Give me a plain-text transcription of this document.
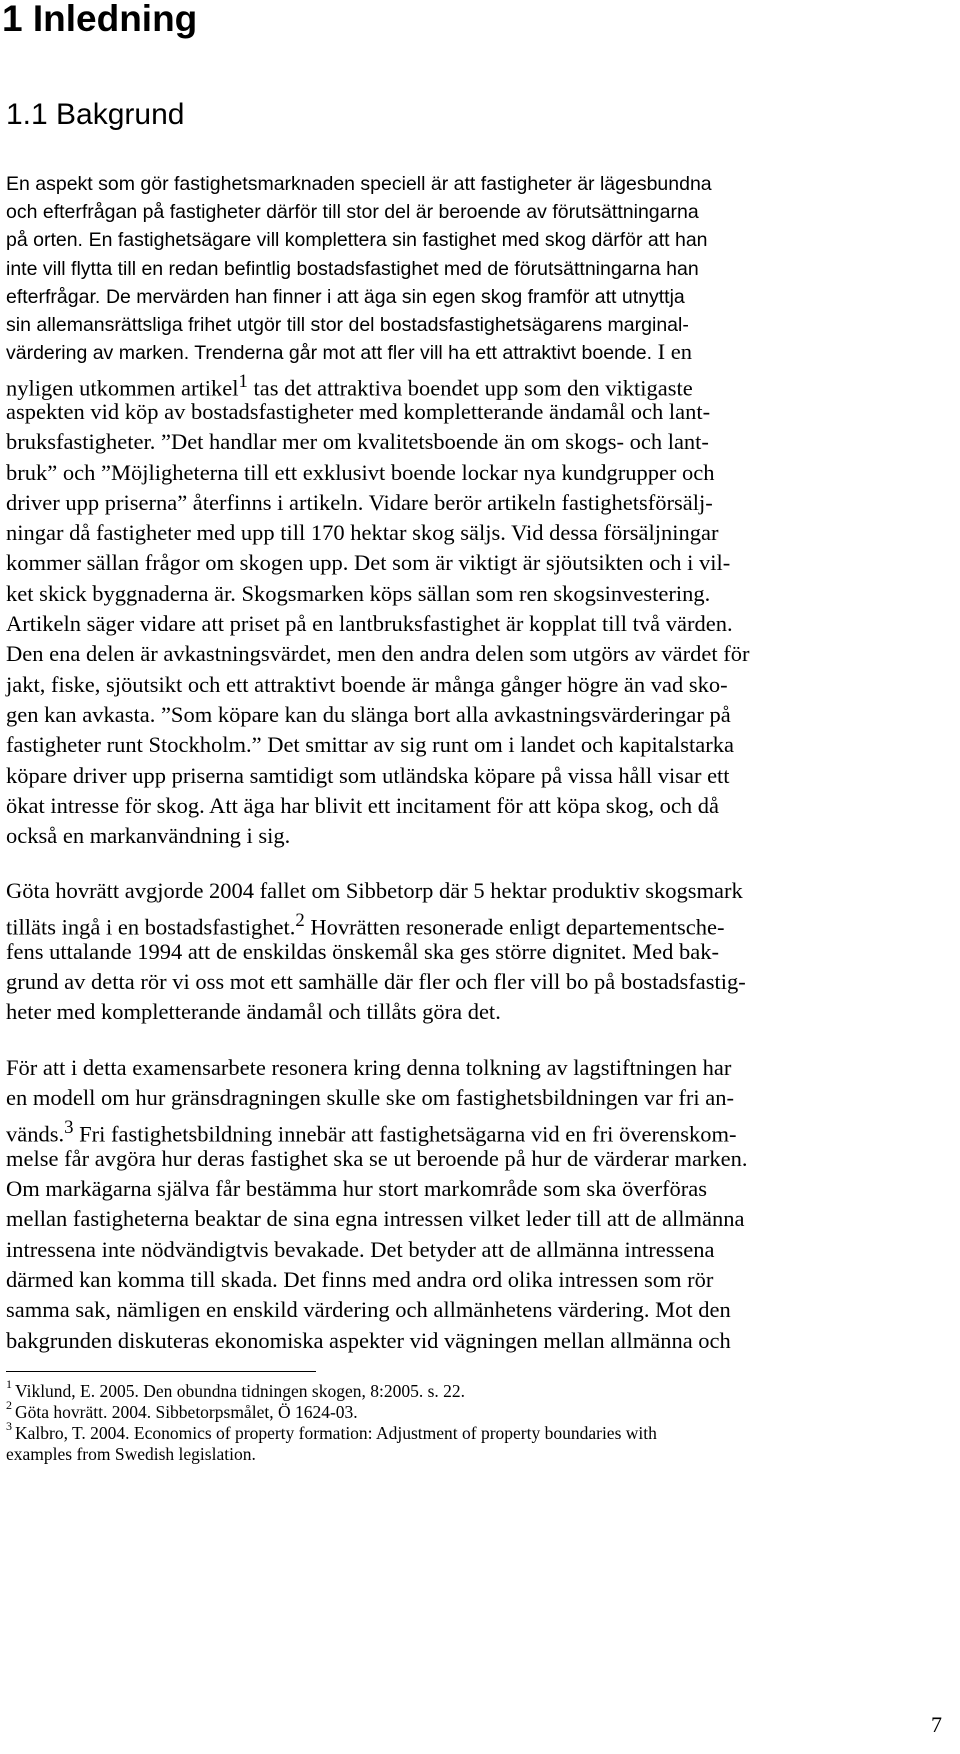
1 Inledning
1.1 Bakgrund

En aspekt som gör fastighetsmarknaden speciell är att fastigheter är lägesbundna

och efterfrågan på fastigheter därför till stor del är beroende av förutsättningarna

på orten. En fastighetsägare vill komplettera sin fastighet med skog därför att han

inte vill flytta till en redan befintlig bostadsfastighet med de förutsättningarna han

efterfrågar. De mervärden han finner i att äga sin egen skog framför att utnyttja

sin allemansrättsliga frihet utgör till stor del bostadsfastighetsägarens marginal-

värdering av marken. Trenderna går mot att fler vill ha ett attraktivt boende. I en

nyligen utkommen artikel$^1$ tas det attraktiva boendet upp som den viktigaste

aspekten vid köp av bostadsfastigheter med kompletterande ändamål och lant-

bruksfastigheter. ”Det handlar mer om kvalitetsboende än om skogs- och lant-

bruk” och ”Möjligheterna till ett exklusivt boende lockar nya kundgrupper och

driver upp priserna” återfinns i artikeln. Vidare berör artikeln fastighetsförsälj-

ningar då fastigheter med upp till 170 hektar skog säljs. Vid dessa försäljningar

kommer sällan frågor om skogen upp. Det som är viktigt är sjöutsikten och i vil-

ket skick byggnaderna är. Skogsmarken köps sällan som ren skogsinvestering.

Artikeln säger vidare att priset på en lantbruksfastighet är kopplat till två värden.

Den ena delen är avkastningsvärdet, men den andra delen som utgörs av värdet för

jakt, fiske, sjöutsikt och ett attraktivt boende är många gånger högre än vad sko-

gen kan avkasta. ”Som köpare kan du slänga bort alla avkastningsvärderingar på

fastigheter runt Stockholm.” Det smittar av sig runt om i landet och kapitalstarka

köpare driver upp priserna samtidigt som utländska köpare på vissa håll visar ett

ökat intresse för skog. Att äga har blivit ett incitament för att köpa skog, och då

också en markanvändning i sig.

Göta hovrätt avgjorde 2004 fallet om Sibbetorp där 5 hektar produktiv skogsmark

tilläts ingå i en bostadsfastighet.$^2$ Hovrätten resonerade enligt departementsche-

fens uttalande 1994 att de enskildas önskemål ska ges större dignitet. Med bak-

grund av detta rör vi oss mot ett samhälle där fler och fler vill bo på bostadsfastig-

heter med kompletterande ändamål och tillåts göra det.

För att i detta examensarbete resonera kring denna tolkning av lagstiftningen har

en modell om hur gränsdragningen skulle ske om fastighetsbildningen var fri an-

vänds.$^3$ Fri fastighetsbildning innebär att fastighetsägarna vid en fri överenskom-

melse får avgöra hur deras fastighet ska se ut beroende på hur de värderar marken.

Om markägarna själva får bestämma hur stort markområde som ska överföras

mellan fastigheterna beaktar de sina egna intressen vilket leder till att de allmänna

intressena inte nödvändigtvis bevakade. Det betyder att de allmänna intressena

därmed kan komma till skada. Det finns med andra ord olika intressen som rör

samma sak, nämligen en enskild värdering och allmänhetens värdering. Mot den

bakgrunden diskuteras ekonomiska aspekter vid vägningen mellan allmänna och

$^1$ Viklund, E. 2005. Den obundna tidningen skogen, 8:2005. s. 22.

$^2$ Göta hovrätt. 2004. Sibbetorpsmålet, Ö 1624-03.

$^3$ Kalbro, T. 2004. Economics of property formation: Adjustment of property boundaries with

examples from Swedish legislation.

7
